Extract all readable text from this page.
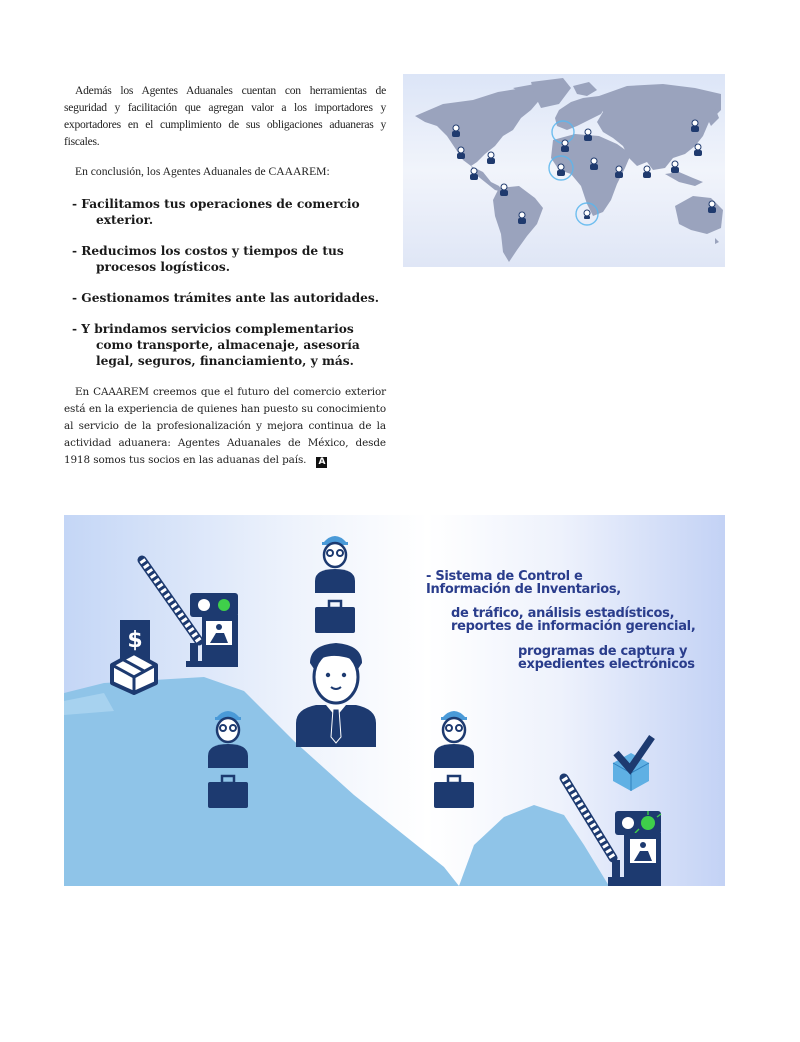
Además los Agentes Aduanales cuentan con herramientas de seguridad y facilitación que agregan valor a los importadores y exportadores en el cumplimiento de sus obligaciones aduaneras y fiscales.

En conclusión, los Agentes Aduanales de CAAAREM:

- Facilitamos tus operaciones de comercio exterior.
- Reducimos los costos y tiempos de tus procesos logísticos.
- Gestionamos trámites ante las autoridades.
- Y brindamos servicios complementarios como transporte, almacenaje, asesoría legal, seguros, financiamiento, y más.

En CAAAREM creemos que el futuro del comercio exterior está en la experiencia de quienes han puesto su conocimiento al servicio de la profesionalización y mejora continua de la actividad aduanera: Agentes Aduanales de México, desde 1918 somos tus socios en las aduanas del país. A

$
- Sistema de Control e
Información de Inventarios,
de tráfico, análisis estadísticos,
reportes de información gerencial,
programas de captura y
expedientes electrónicos
